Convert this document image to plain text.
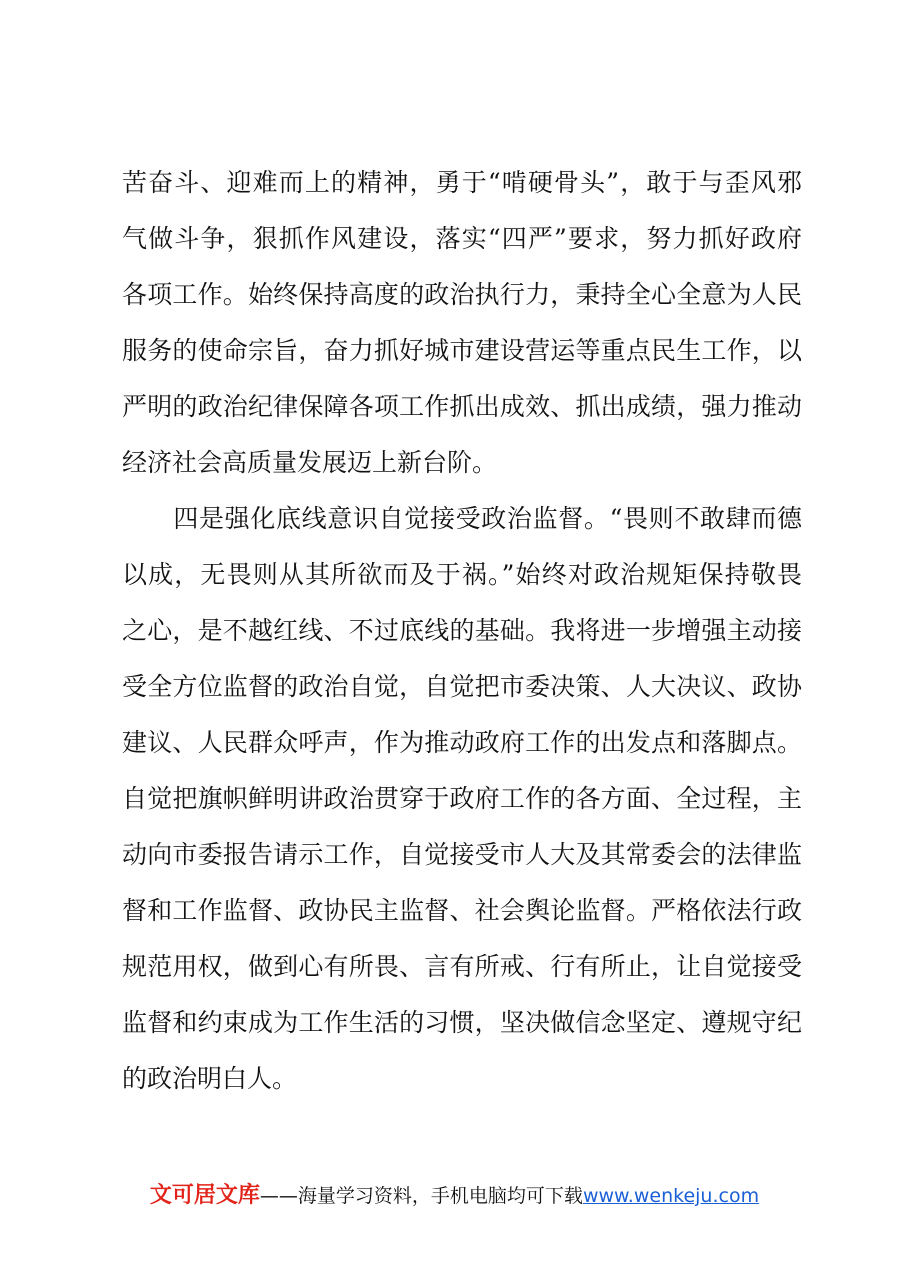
苦奋斗、迎难而上的精神，勇于“啃硬骨头”，敢于与歪风邪
气做斗争，狠抓作风建设，落实“四严”要求，努力抓好政府
各项工作。始终保持高度的政治执行力，秉持全心全意为人民
服务的使命宗旨，奋力抓好城市建设营运等重点民生工作，以
严明的政治纪律保障各项工作抓出成效、抓出成绩，强力推动
经济社会高质量发展迈上新台阶。
　　四是强化底线意识自觉接受政治监督。“畏则不敢肆而德
以成，无畏则从其所欲而及于祸。”始终对政治规矩保持敬畏
之心，是不越红线、不过底线的基础。我将进一步增强主动接
受全方位监督的政治自觉，自觉把市委决策、人大决议、政协
建议、人民群众呼声，作为推动政府工作的出发点和落脚点。
自觉把旗帜鲜明讲政治贯穿于政府工作的各方面、全过程，主
动向市委报告请示工作，自觉接受市人大及其常委会的法律监
督和工作监督、政协民主监督、社会舆论监督。严格依法行政
规范用权，做到心有所畏、言有所戒、行有所止，让自觉接受
监督和约束成为工作生活的习惯，坚决做信念坚定、遵规守纪
的政治明白人。
文可居文库——海量学习资料，手机电脑均可下载www.wenkeju.com
